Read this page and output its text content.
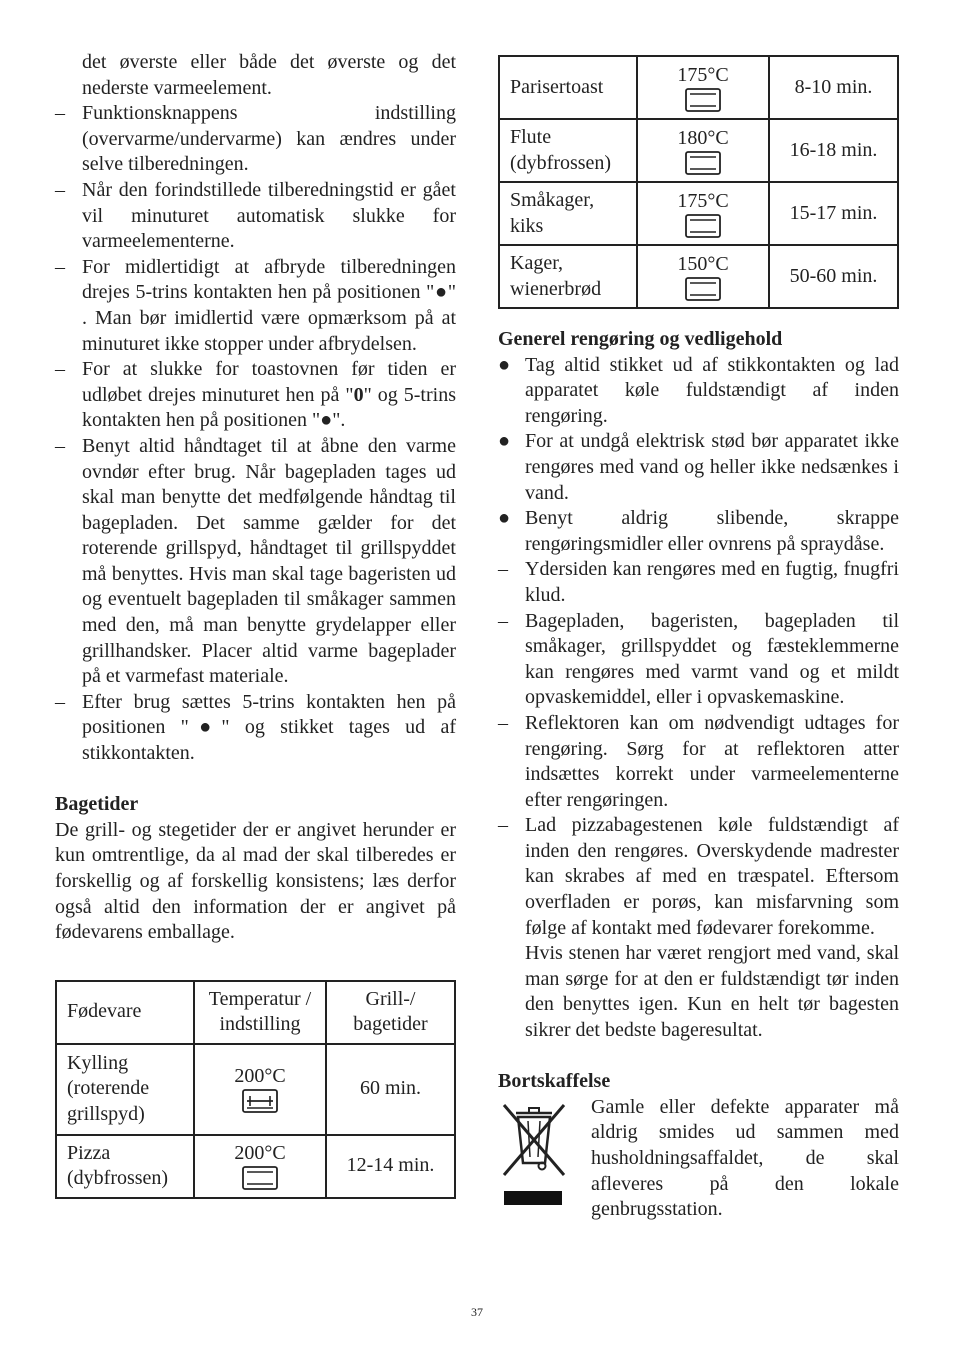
det øverste eller både det øverste og det nederste varmeelement.

– Funktionsknappens indstilling (overvarme/undervarme) kan ændres under selve tilberedningen.
– Når den forindstillede tilberedningstid er gået vil minuturet automatisk slukke for varmeelementerne.
– For midlertidigt at afbryde tilberedningen drejes 5-trins kontakten hen på positionen "●" . Man bør imidlertid være opmærksom på at minuturet ikke stopper under afbrydelsen.
– For at slukke for toastovnen før tiden er udløbet drejes minuturet hen på "0" og 5-trins kontakten hen på positionen "●".
– Benyt altid håndtaget til at åbne den varme ovndør efter brug. Når bagepladen tages ud skal man benytte det medfølgende håndtag til bagepladen. Det samme gælder for det roterende grillspyd, håndtaget til grillspyddet må benyttes. Hvis man skal tage bageristen ud og eventuelt bagepladen til småkager sammen med den, må man benytte grydelapper eller grillhandsker. Placer altid varme bageplader på et varmefast materiale.
– Efter brug sættes 5-trins kontakten hen på positionen "●" og stikket tages ud af stikkontakten.

Bagetider

De grill- og stegetider der er angivet herunder er kun omtrentlige, da al mad der skal tilberedes er forskellig og af forskellig konsistens; læs derfor også altid den information der er angivet på fødevarens emballage.

Fødevare	Temperatur / indstilling	Grill-/ bagetider
Kylling (roterende grillspyd)	200°C	60 min.
Pizza (dybfrossen)	200°C	12-14 min.
Parisertoast	175°C	8-10 min.
Flute (dybfrossen)	180°C	16-18 min.
Småkager, kiks	175°C	15-17 min.
Kager, wienerbrød	150°C	50-60 min.

Generel rengøring og vedligehold

● Tag altid stikket ud af stikkontakten og lad apparatet køle fuldstændigt af inden rengøring.
● For at undgå elektrisk stød bør apparatet ikke rengøres med vand og heller ikke nedsænkes i vand.
● Benyt aldrig slibende, skrappe rengøringsmidler eller ovnrens på spraydåse.
– Ydersiden kan rengøres med en fugtig, fnugfri klud.
– Bagepladen, bageristen, bagepladen til småkager, grillspyddet og fæsteklemmerne kan rengøres med varmt vand og et mildt opvaskemiddel, eller i opvaskemaskine.
– Reflektoren kan om nødvendigt udtages for rengøring. Sørg for at reflektoren atter indsættes korrekt under varmeelementerne efter rengøringen.
– Lad pizzabagestenen køle fuldstændigt af inden den rengøres. Overskydende madrester kan skrabes af med en træspatel. Eftersom overfladen er porøs, kan misfarvning som følge af kontakt med fødevarer forekomme.

Hvis stenen har været rengjort med vand, skal man sørge for at den er fuldstændigt tør inden den benyttes igen. Kun en helt tør bagesten sikrer det bedste bageresultat.

Bortskaffelse

Gamle eller defekte apparater må aldrig smides ud sammen med husholdningsaffaldet, de skal afleveres på den lokale genbrugsstation.

37
